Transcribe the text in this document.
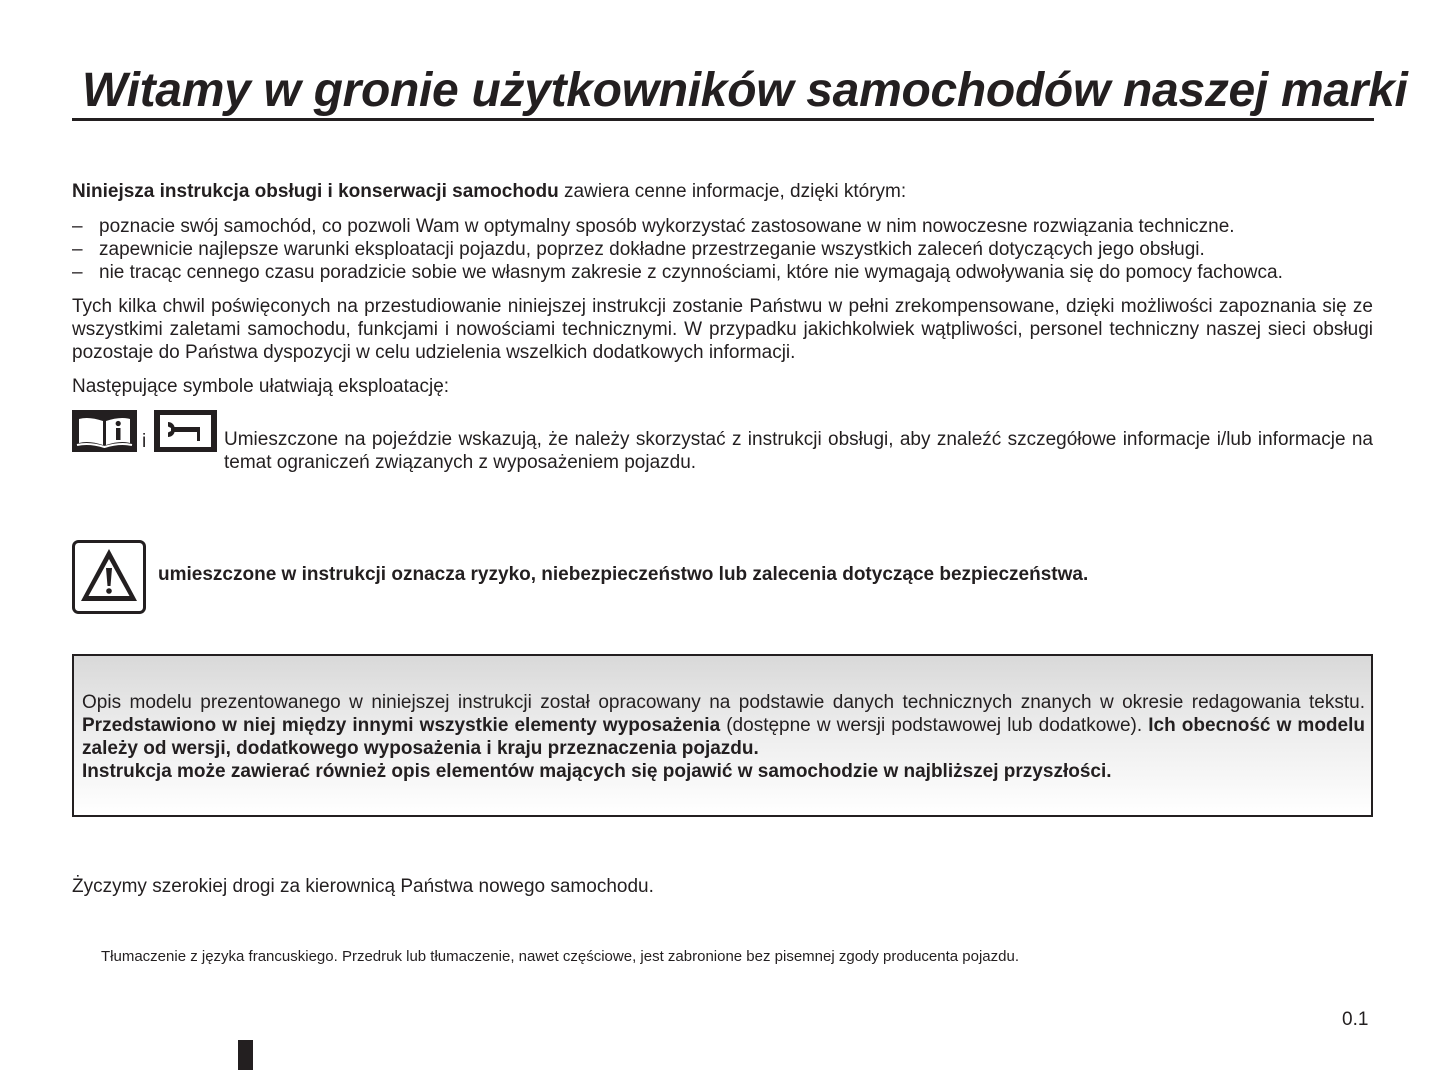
Witamy w gronie użytkowników samochodów naszej marki

Niniejsza instrukcja obsługi i konserwacji samochodu zawiera cenne informacje, dzięki którym:

– poznacie swój samochód, co pozwoli Wam w optymalny sposób wykorzystać zastosowane w nim nowoczesne rozwiązania techniczne.
– zapewnicie najlepsze warunki eksploatacji pojazdu, poprzez dokładne przestrzeganie wszystkich zaleceń dotyczących jego obsługi.
– nie tracąc cennego czasu poradzicie sobie we własnym zakresie z czynnościami, które nie wymagają odwoływania się do pomocy fachowca.

Tych kilka chwil poświęconych na przestudiowanie niniejszej instrukcji zostanie Państwu w pełni zrekompensowane, dzięki możliwości zapoznania się ze wszystkimi zaletami samochodu, funkcjami i nowościami technicznymi. W przypadku jakichkolwiek wątpliwości, personel techniczny naszej sieci obsługi pozostaje do Państwa dyspozycji w celu udzielenia wszelkich dodatkowych informacji.

Następujące symbole ułatwiają eksploatację:

i	Umieszczone na pojeździe wskazują, że należy skorzystać z instrukcji obsługi, aby znaleźć szczegółowe informacje i/lub informacje na temat ograniczeń związanych z wyposażeniem pojazdu.

umieszczone w instrukcji oznacza ryzyko, niebezpieczeństwo lub zalecenia dotyczące bezpieczeństwa.

Opis modelu prezentowanego w niniejszej instrukcji został opracowany na podstawie danych technicznych znanych w okresie redagowania tekstu. Przedstawiono w niej między innymi wszystkie elementy wyposażenia (dostępne w wersji podstawowej lub dodatkowe). Ich obecność w modelu zależy od wersji, dodatkowego wyposażenia i kraju przeznaczenia pojazdu.
Instrukcja może zawierać również opis elementów mających się pojawić w samochodzie w najbliższej przyszłości.

Życzymy szerokiej drogi za kierownicą Państwa nowego samochodu.

Tłumaczenie z języka francuskiego. Przedruk lub tłumaczenie, nawet częściowe, jest zabronione bez pisemnej zgody producenta pojazdu.

0.1
